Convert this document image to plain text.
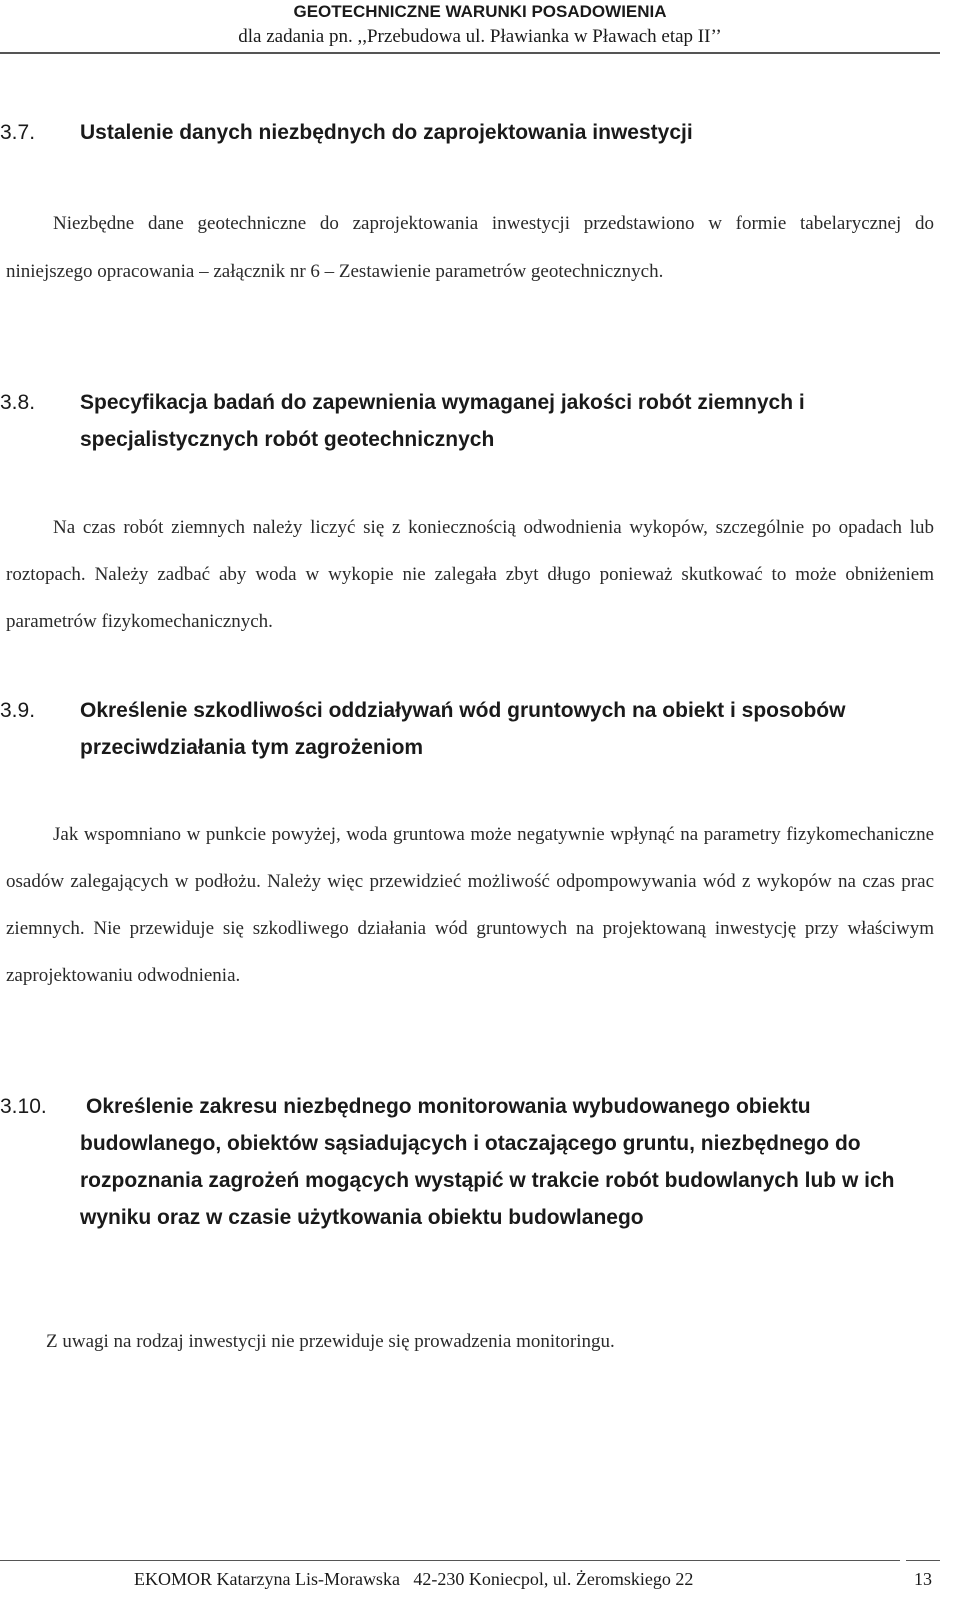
GEOTECHNICZNE WARUNKI POSADOWIENIA
dla zadania pn. ,,Przebudowa ul. Pławianka w Pławach etap II’’
3.7. Ustalenie danych niezbędnych do zaprojektowania inwestycji
Niezbędne dane geotechniczne do zaprojektowania inwestycji przedstawiono w formie tabelarycznej do niniejszego opracowania – załącznik nr 6 – Zestawienie parametrów geotechnicznych.
3.8. Specyfikacja badań do zapewnienia wymaganej jakości robót ziemnych i specjalistycznych robót geotechnicznych
Na czas robót ziemnych należy liczyć się z koniecznością odwodnienia wykopów, szczególnie po opadach lub roztopach. Należy zadbać aby woda w wykopie nie zalegała zbyt długo ponieważ skutkować to może obniżeniem parametrów fizykomechanicznych.
3.9. Określenie szkodliwości oddziaływań wód gruntowych na obiekt i sposobów przeciwdziałania tym zagrożeniom
Jak wspomniano w punkcie powyżej, woda gruntowa może negatywnie wpłynąć na parametry fizykomechaniczne osadów zalegających w podłożu. Należy więc przewidzieć możliwość odpompowywania wód z wykopów na czas prac ziemnych. Nie przewiduje się szkodliwego działania wód gruntowych na projektowaną inwestycję przy właściwym zaprojektowaniu odwodnienia.
3.10. Określenie zakresu niezbędnego monitorowania wybudowanego obiektu budowlanego, obiektów sąsiadujących i otaczającego gruntu, niezbędnego do rozpoznania zagrożeń mogących wystąpić w trakcie robót budowlanych lub w ich wyniku oraz w czasie użytkowania obiektu budowlanego
Z uwagi na rodzaj inwestycji nie przewiduje się prowadzenia monitoringu.
EKOMOR Katarzyna Lis-Morawska   42-230 Koniecpol, ul. Żeromskiego 22	13
